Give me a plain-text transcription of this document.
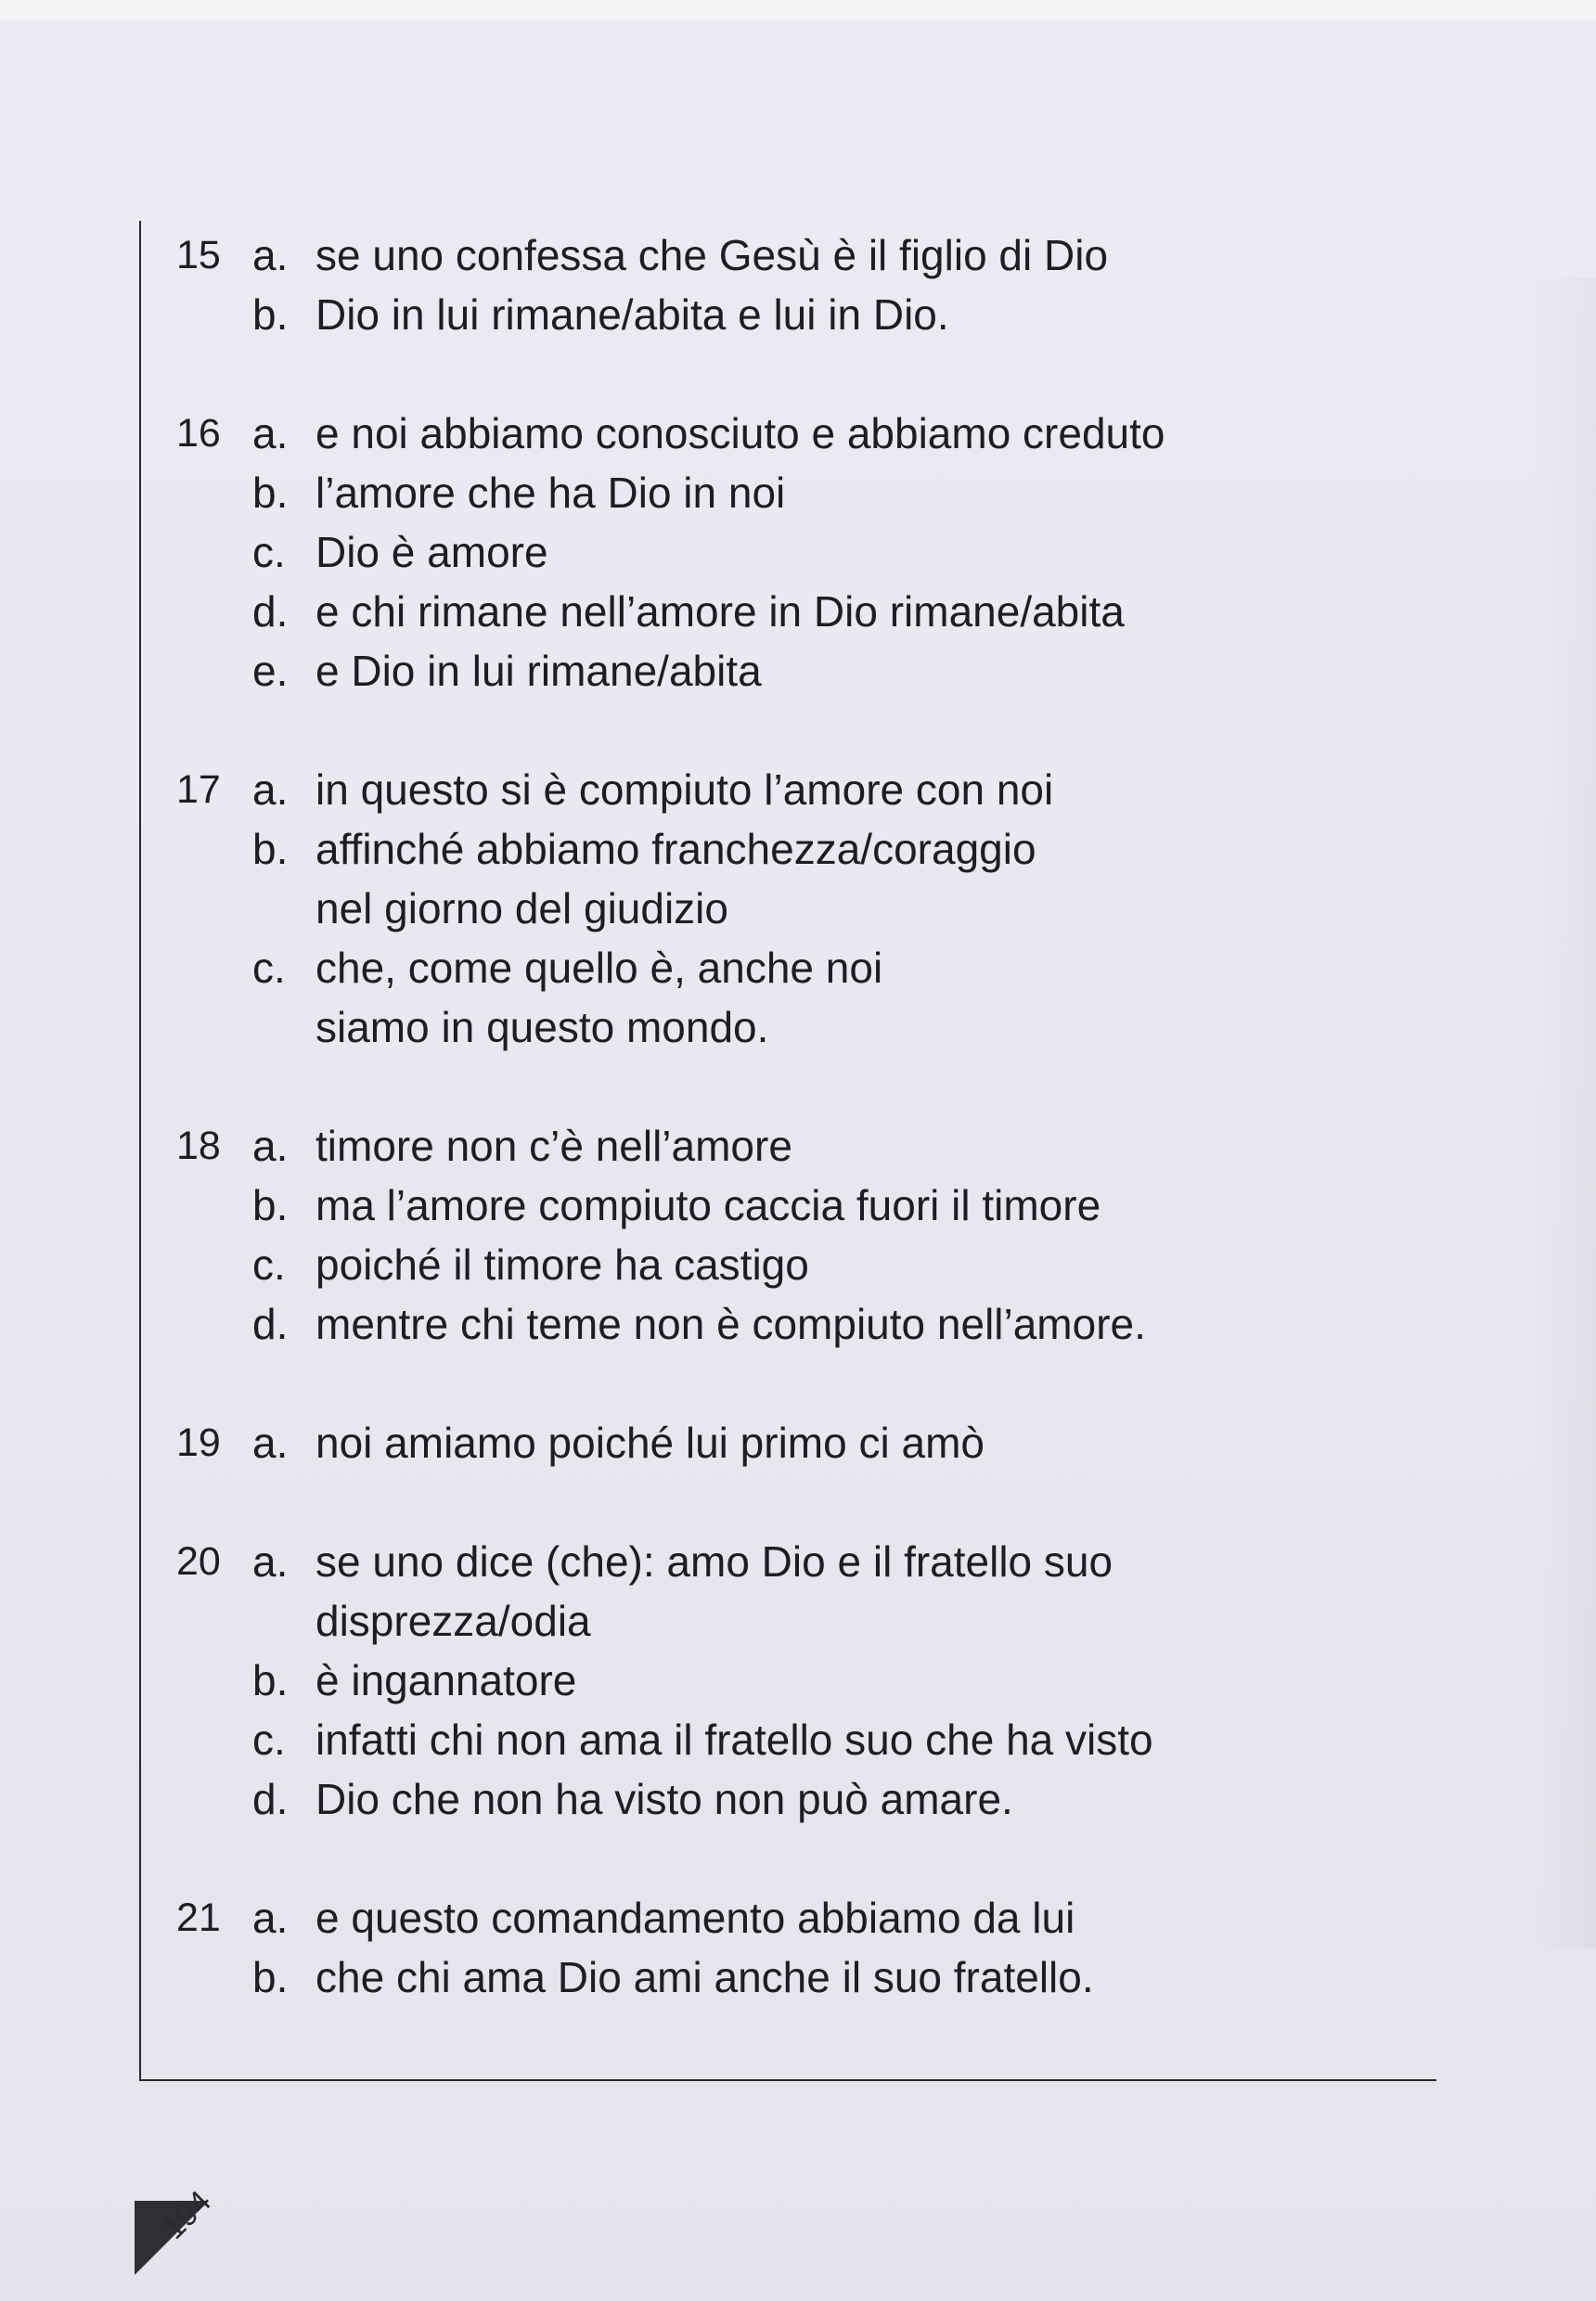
15 a. se uno confessa che Gesù è il figlio di Dio
b. Dio in lui rimane/abita e lui in Dio.
16 a. e noi abbiamo conosciuto e abbiamo creduto
b. l’amore che ha Dio in noi
c. Dio è amore
d. e chi rimane nell’amore in Dio rimane/abita
e. e Dio in lui rimane/abita
17 a. in questo si è compiuto l’amore con noi
b. affinché abbiamo franchezza/coraggio
nel giorno del giudizio
c. che, come quello è, anche noi
siamo in questo mondo.
18 a. timore non c’è nell’amore
b. ma l’amore compiuto caccia fuori il timore
c. poiché il timore ha castigo
d. mentre chi teme non è compiuto nell’amore.
19 a. noi amiamo poiché lui primo ci amò
20 a. se uno dice (che): amo Dio e il fratello suo
disprezza/odia
b. è ingannatore
c. infatti chi non ama il fratello suo che ha visto
d. Dio che non ha visto non può amare.
21 a. e questo comandamento abbiamo da lui
b. che chi ama Dio ami anche il suo fratello.
194
